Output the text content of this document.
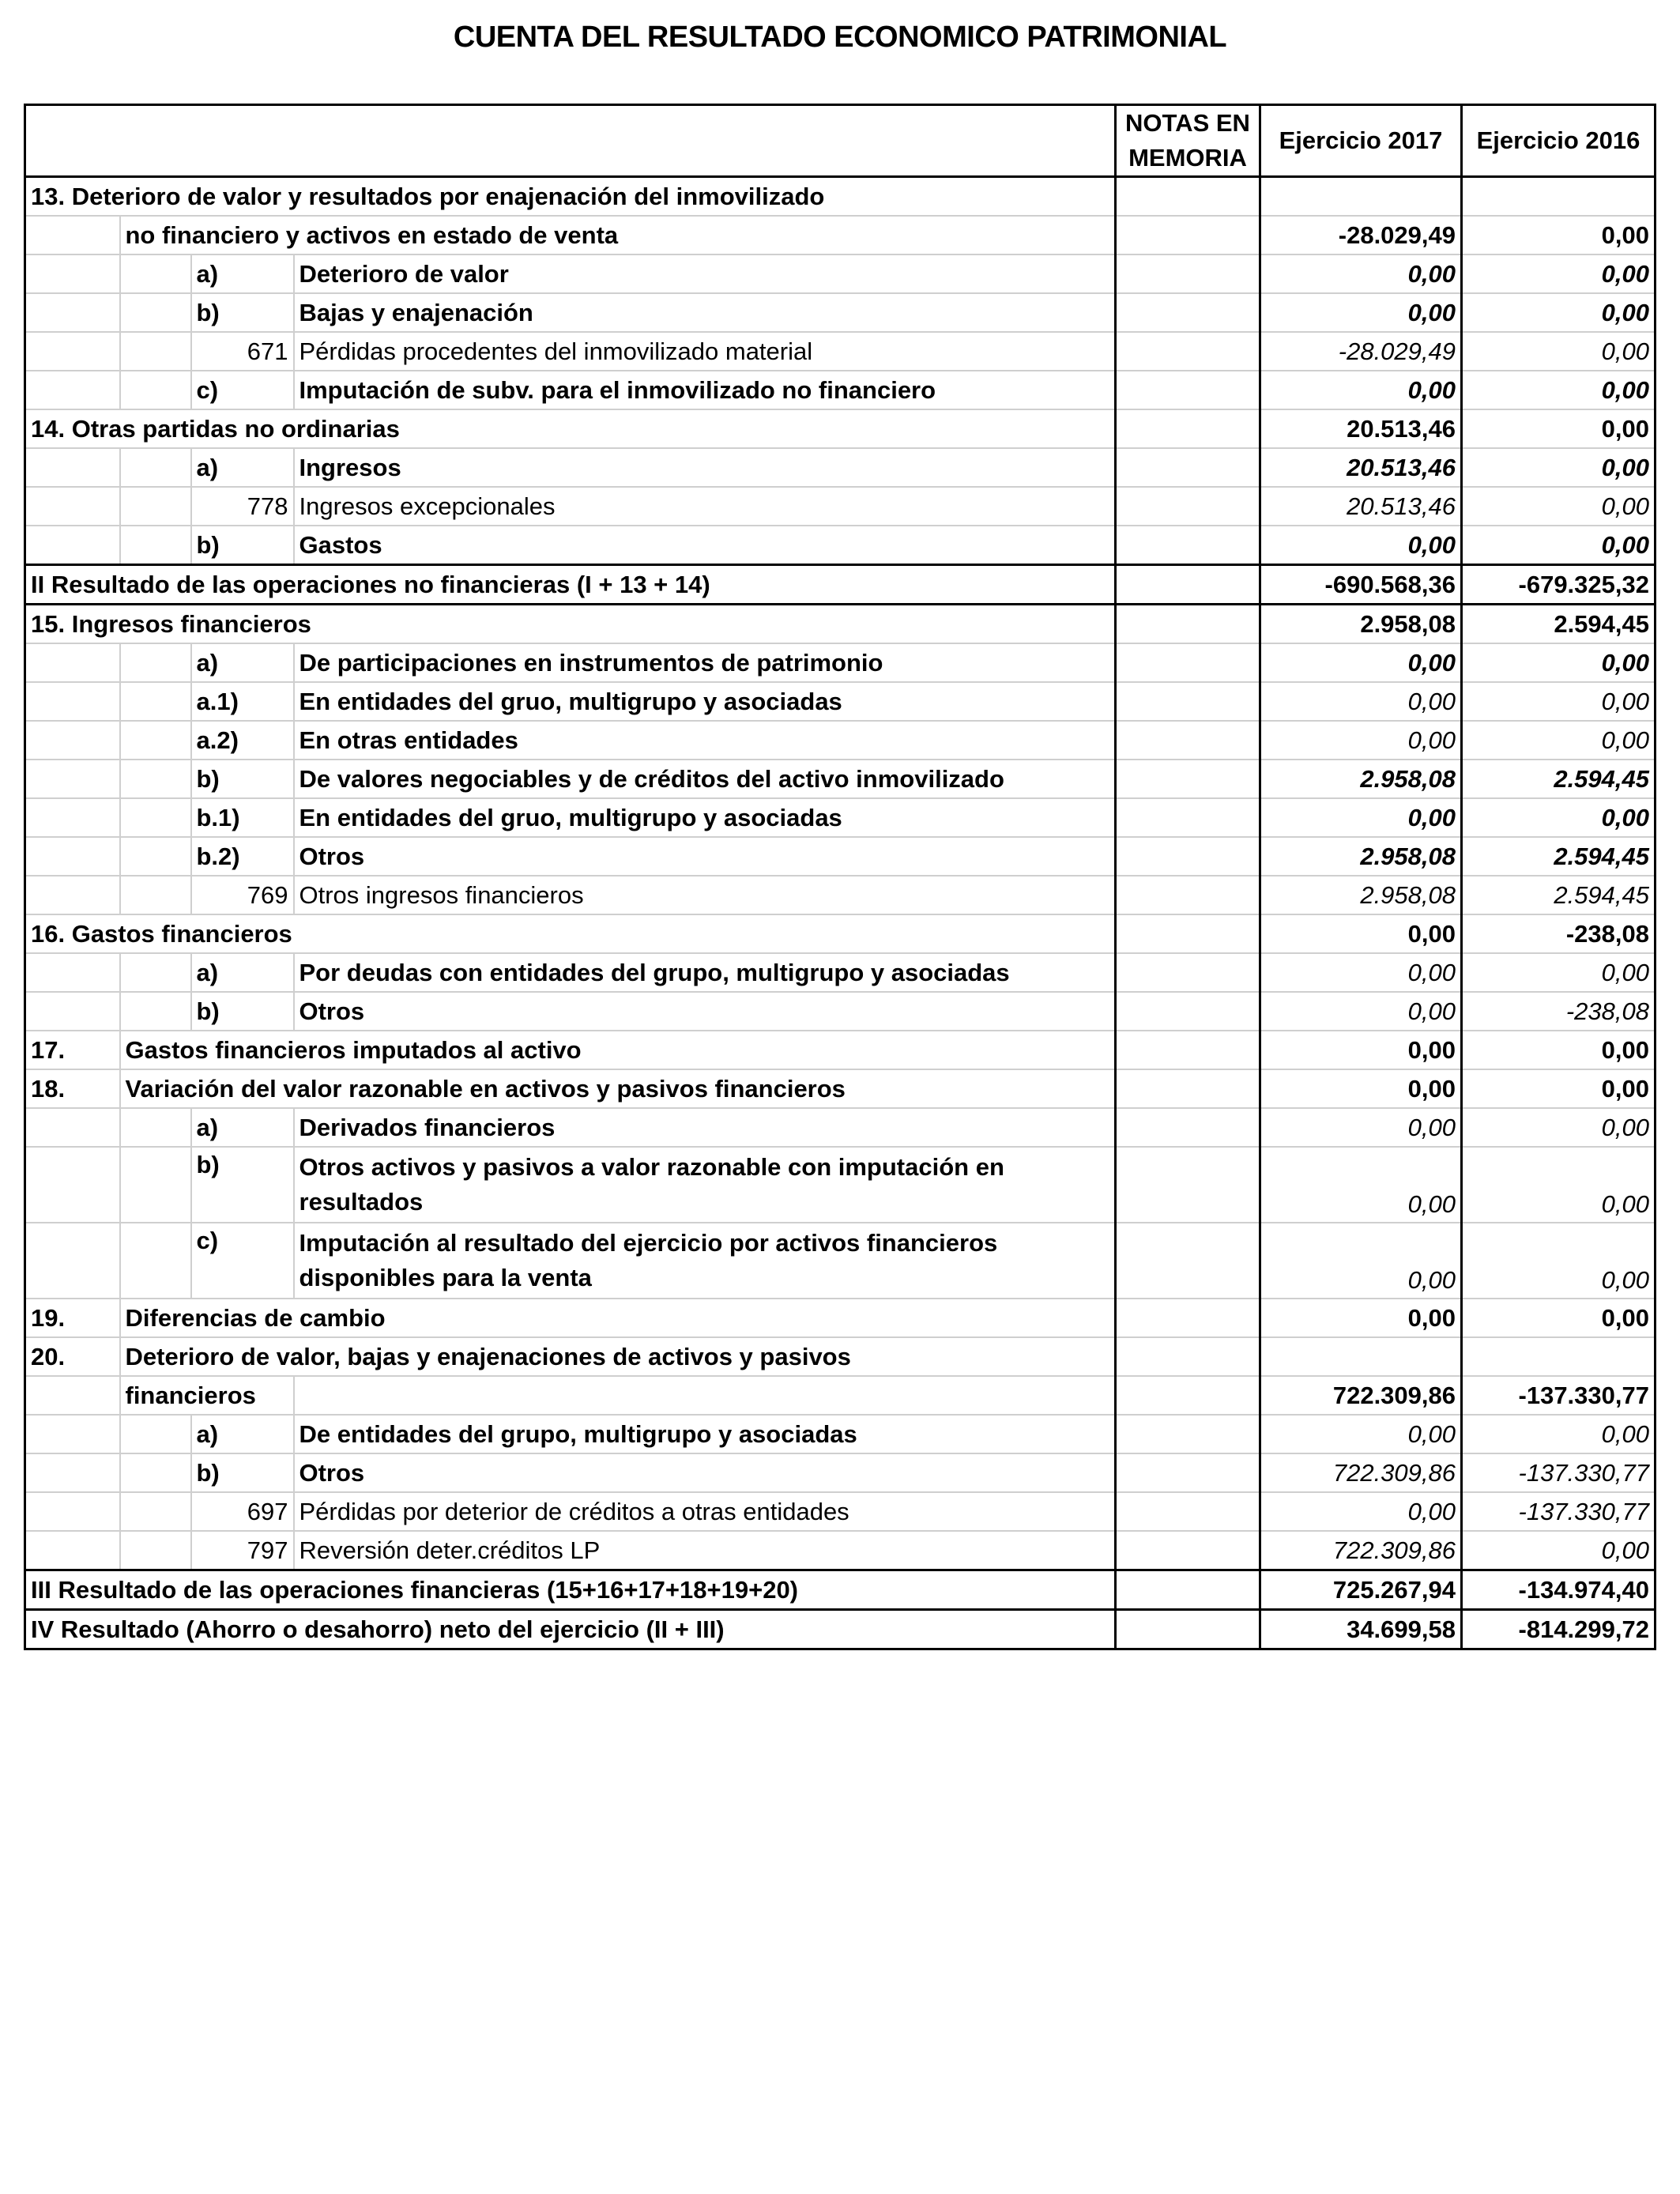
CUENTA DEL RESULTADO ECONOMICO PATRIMONIAL
				NOTAS EN MEMORIA	Ejercicio 2017	Ejercicio 2016
13. Deterioro de valor y resultados por enajenación del inmovilizado						
	no financiero y activos en estado de venta				-28.029,49	0,00
		a)	Deterioro de valor		0,00	0,00
		b)	Bajas y enajenación		0,00	0,00
		671	Pérdidas procedentes del inmovilizado material		-28.029,49	0,00
		c)	Imputación de subv. para el inmovilizado no financiero		0,00	0,00
14. Otras partidas no ordinarias					20.513,46	0,00
		a)	Ingresos		20.513,46	0,00
		778	Ingresos excepcionales		20.513,46	0,00
		b)	Gastos		0,00	0,00
II Resultado de las operaciones no financieras (I + 13 + 14)					-690.568,36	-679.325,32
15. Ingresos financieros					2.958,08	2.594,45
		a)	De participaciones en instrumentos de patrimonio		0,00	0,00
		a.1)	En entidades del gruo, multigrupo y asociadas		0,00	0,00
		a.2)	En otras entidades		0,00	0,00
		b)	De valores negociables y de créditos del activo inmovilizado		2.958,08	2.594,45
		b.1)	En entidades del gruo, multigrupo y asociadas		0,00	0,00
		b.2)	Otros		2.958,08	2.594,45
		769	Otros ingresos financieros		2.958,08	2.594,45
16. Gastos financieros					0,00	-238,08
		a)	Por deudas con entidades del grupo, multigrupo y asociadas		0,00	0,00
		b)	Otros		0,00	-238,08
17.	Gastos financieros imputados al activo				0,00	0,00
18.	Variación del valor razonable en activos y pasivos financieros				0,00	0,00
		a)	Derivados financieros		0,00	0,00
		b)	Otros activos y pasivos a valor razonable con imputación en
resultados		0,00	0,00
		c)	Imputación al resultado del ejercicio por activos financieros
disponibles para la venta		0,00	0,00
19.	Diferencias de cambio				0,00	0,00
20.	Deterioro de valor, bajas y enajenaciones de activos y pasivos					
	financieros				722.309,86	-137.330,77
		a)	De entidades del grupo, multigrupo y asociadas		0,00	0,00
		b)	Otros		722.309,86	-137.330,77
		697	Pérdidas por deterior de créditos a otras entidades		0,00	-137.330,77
		797	Reversión deter.créditos LP		722.309,86	0,00
III Resultado de las operaciones financieras (15+16+17+18+19+20)					725.267,94	-134.974,40
IV Resultado (Ahorro o desahorro) neto del ejercicio (II + III)					34.699,58	-814.299,72
